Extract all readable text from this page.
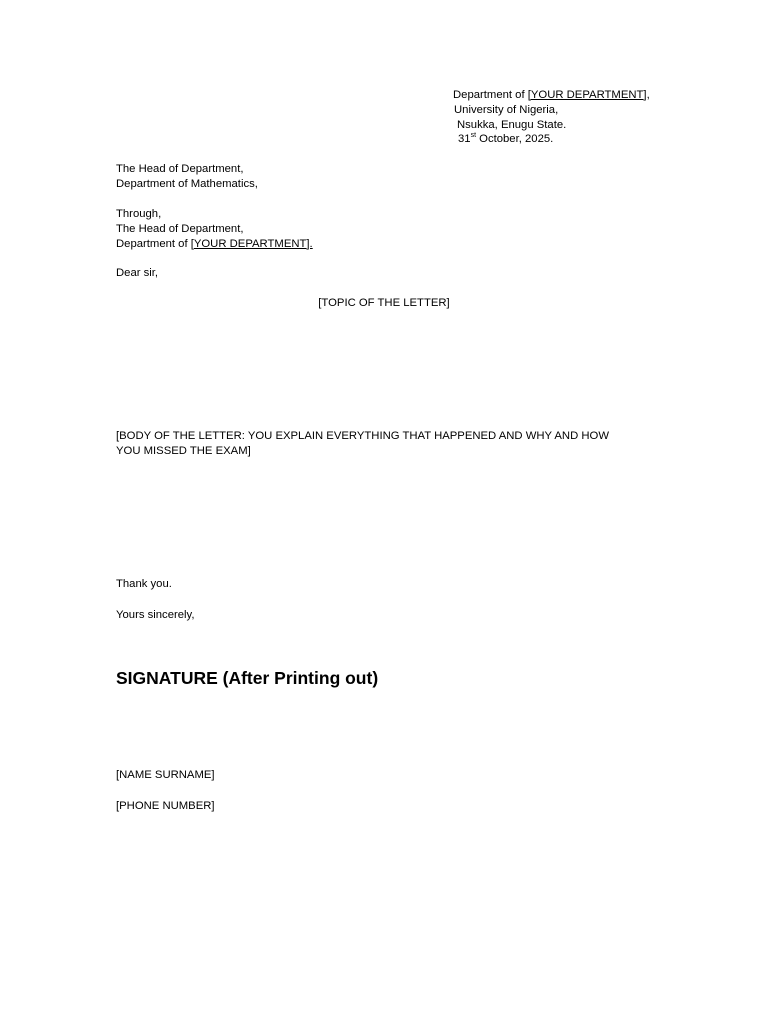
Department of [YOUR DEPARTMENT],
University of Nigeria,
Nsukka, Enugu State.
31st October, 2025.
The Head of Department,
Department of Mathematics,
Through,
The Head of Department,
Department of [YOUR DEPARTMENT].
Dear sir,
[TOPIC OF THE LETTER]
[BODY OF THE LETTER: YOU EXPLAIN EVERYTHING THAT HAPPENED AND WHY AND HOW YOU MISSED THE EXAM]
Thank you.
Yours sincerely,
SIGNATURE (After Printing out)
[NAME SURNAME]
[PHONE NUMBER]
